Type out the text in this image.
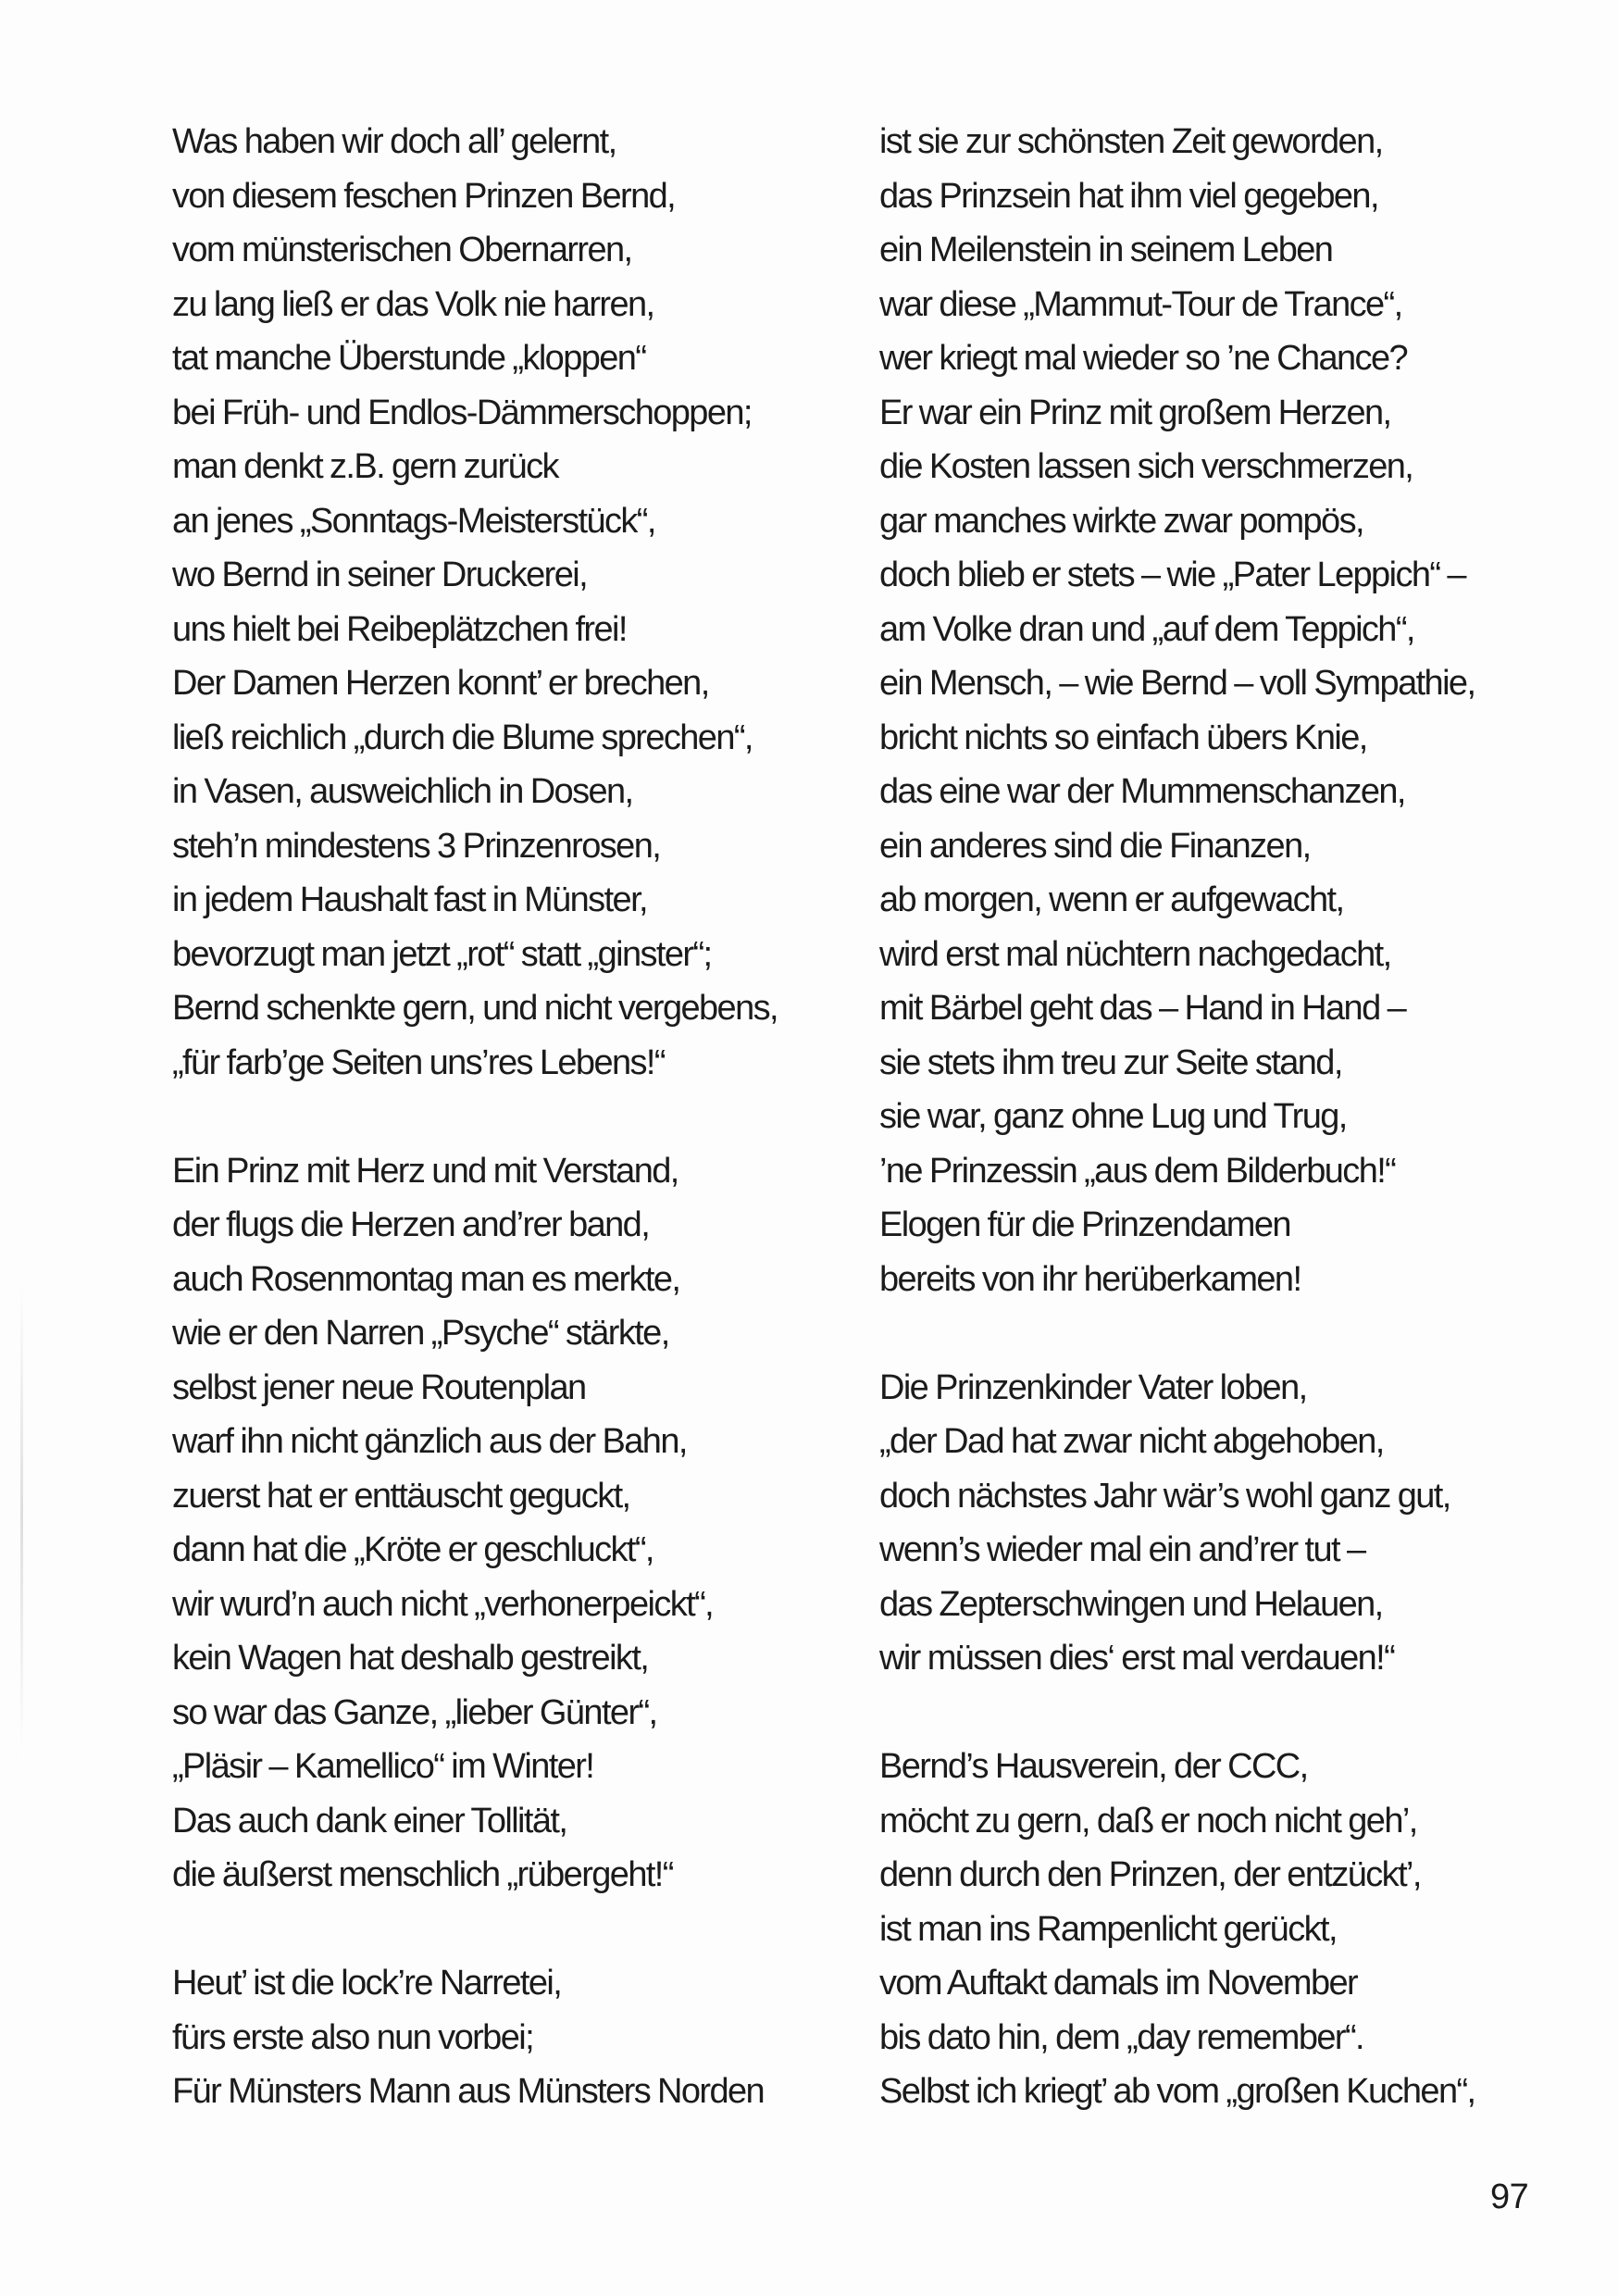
Was haben wir doch all’ gelernt,
von diesem feschen Prinzen Bernd,
vom münsterischen Obernarren,
zu lang ließ er das Volk nie harren,
tat manche Überstunde „kloppen“
bei Früh- und Endlos-Dämmerschoppen;
man denkt z.B. gern zurück
an jenes „Sonntags-Meisterstück“,
wo Bernd in seiner Druckerei,
uns hielt bei Reibeplätzchen frei!
Der Damen Herzen konnt’ er brechen,
ließ reichlich „durch die Blume sprechen“,
in Vasen, ausweichlich in Dosen,
steh’n mindestens 3 Prinzenrosen,
in jedem Haushalt fast in Münster,
bevorzugt man jetzt „rot“ statt „ginster“;
Bernd schenkte gern, und nicht vergebens,
„für farb’ge Seiten uns’res Lebens!“
Ein Prinz mit Herz und mit Verstand,
der flugs die Herzen and’rer band,
auch Rosenmontag man es merkte,
wie er den Narren „Psyche“ stärkte,
selbst jener neue Routenplan
warf ihn nicht gänzlich aus der Bahn,
zuerst hat er enttäuscht geguckt,
dann hat die „Kröte er geschluckt“,
wir wurd’n auch nicht „verhonerpeickt“,
kein Wagen hat deshalb gestreikt,
so war das Ganze, „lieber Günter“,
„Pläsir – Kamellico“ im Winter!
Das auch dank einer Tollität,
die äußerst menschlich „rübergeht!“
Heut’ ist die lock’re Narretei,
fürs erste also nun vorbei;
Für Münsters Mann aus Münsters Norden
ist sie zur schönsten Zeit geworden,
das Prinzsein hat ihm viel gegeben,
ein Meilenstein in seinem Leben
war diese „Mammut-Tour de Trance“,
wer kriegt mal wieder so ’ne Chance?
Er war ein Prinz mit großem Herzen,
die Kosten lassen sich verschmerzen,
gar manches wirkte zwar pompös,
doch blieb er stets – wie „Pater Leppich“ –
am Volke dran und „auf dem Teppich“,
ein Mensch, – wie Bernd – voll Sympathie,
bricht nichts so einfach übers Knie,
das eine war der Mummenschanzen,
ein anderes sind die Finanzen,
ab morgen, wenn er aufgewacht,
wird erst mal nüchtern nachgedacht,
mit Bärbel geht das – Hand in Hand –
sie stets ihm treu zur Seite stand,
sie war, ganz ohne Lug und Trug,
’ne Prinzessin „aus dem Bilderbuch!“
Elogen für die Prinzendamen
bereits von ihr herüberkamen!
Die Prinzenkinder Vater loben,
„der Dad hat zwar nicht abgehoben,
doch nächstes Jahr wär’s wohl ganz gut,
wenn’s wieder mal ein and’rer tut –
das Zepterschwingen und Helauen,
wir müssen dies‘ erst mal verdauen!“
Bernd’s Hausverein, der CCC,
möcht zu gern, daß er noch nicht geh’,
denn durch den Prinzen, der entzückt’,
ist man ins Rampenlicht gerückt,
vom Auftakt damals im November
bis dato hin, dem „day remember“.
Selbst ich kriegt’ ab vom „großen Kuchen“,
97
